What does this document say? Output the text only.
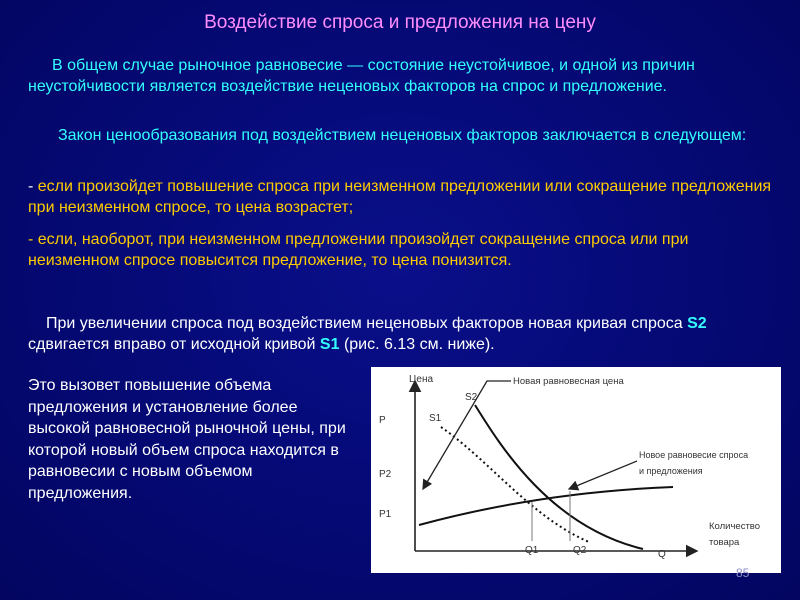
Воздействие спроса и предложения на цену
В общем случае рыночное равновесие — состояние неустойчивое, и одной из причин неустойчивости является воздействие неценовых факторов на спрос и предложение.
Закон ценообразования под воздействием неценовых факторов заключается в следующем:
- если произойдет повышение спроса при неизменном предложении или сокращение предложения при неизменном спросе, то цена возрастет;
- если, наоборот, при неизменном предложении произойдет сокращение спроса или при неизменном спросе повысится предложение, то цена понизится.
При увеличении спроса под воздействием неценовых факторов новая кривая спроса S2 сдвигается вправо от исходной кривой S1 (рис. 6.13 см. ниже).
Это вызовет повышение объема предложения и установление более высокой равновесной рыночной цены, при которой новый объем спроса находится в равновесии с новым объемом предложения.
Цена
P
P2
P1
Q1	Q2	Q
Количество
товара
S2
S1
Новая равновесная цена
Новое равновесие спроса
и предложения
85
